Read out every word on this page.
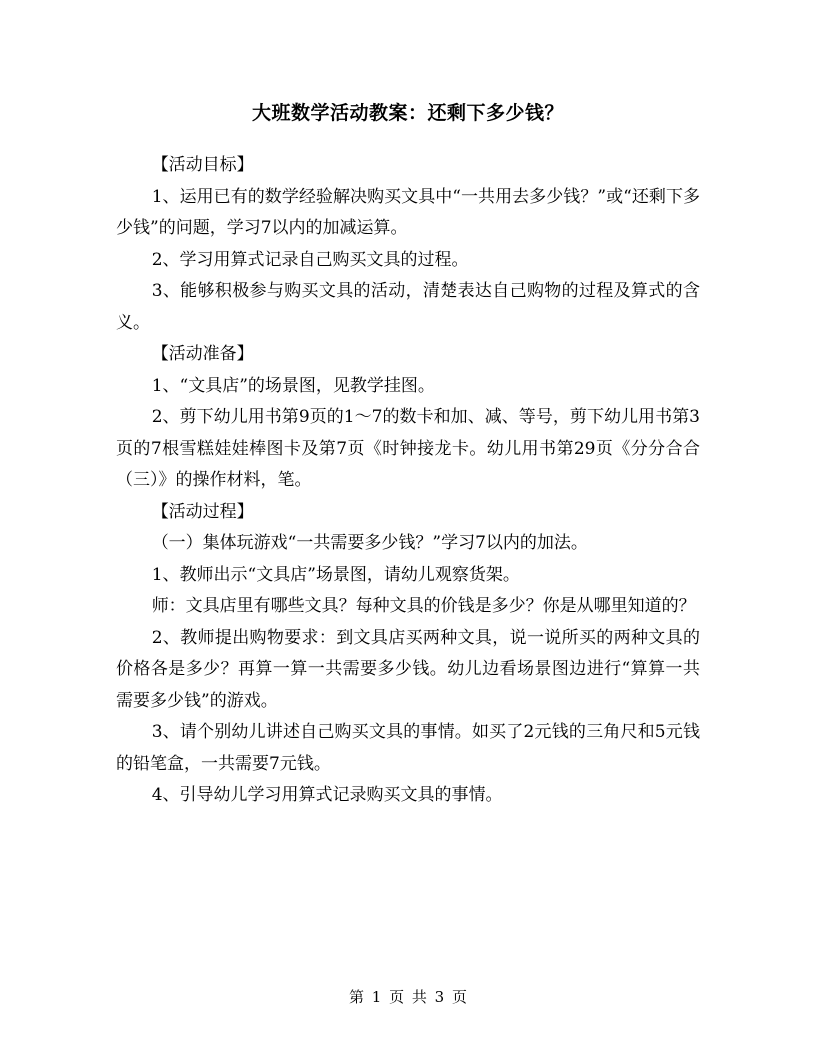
大班数学活动教案：还剩下多少钱？

【活动目标】

1、运用已有的数学经验解决购买文具中“一共用去多少钱？”或“还剩下多少钱”的问题，学习7以内的加减运算。

2、学习用算式记录自己购买文具的过程。

3、能够积极参与购买文具的活动，清楚表达自己购物的过程及算式的含义。

【活动准备】

1、“文具店”的场景图，见教学挂图。

2、剪下幼儿用书第9页的1～7的数卡和加、减、等号，剪下幼儿用书第3页的7根雪糕娃娃棒图卡及第7页《时钟接龙卡。幼儿用书第29页《分分合合（三）》的操作材料，笔。

【活动过程】

（一）集体玩游戏“一共需要多少钱？”学习7以内的加法。

1、教师出示“文具店”场景图，请幼儿观察货架。

师：文具店里有哪些文具？每种文具的价钱是多少？你是从哪里知道的？

2、教师提出购物要求：到文具店买两种文具，说一说所买的两种文具的价格各是多少？再算一算一共需要多少钱。幼儿边看场景图边进行“算算一共需要多少钱”的游戏。

3、请个别幼儿讲述自己购买文具的事情。如买了2元钱的三角尺和5元钱的铅笔盒，一共需要7元钱。

4、引导幼儿学习用算式记录购买文具的事情。

第 1 页 共 3 页
